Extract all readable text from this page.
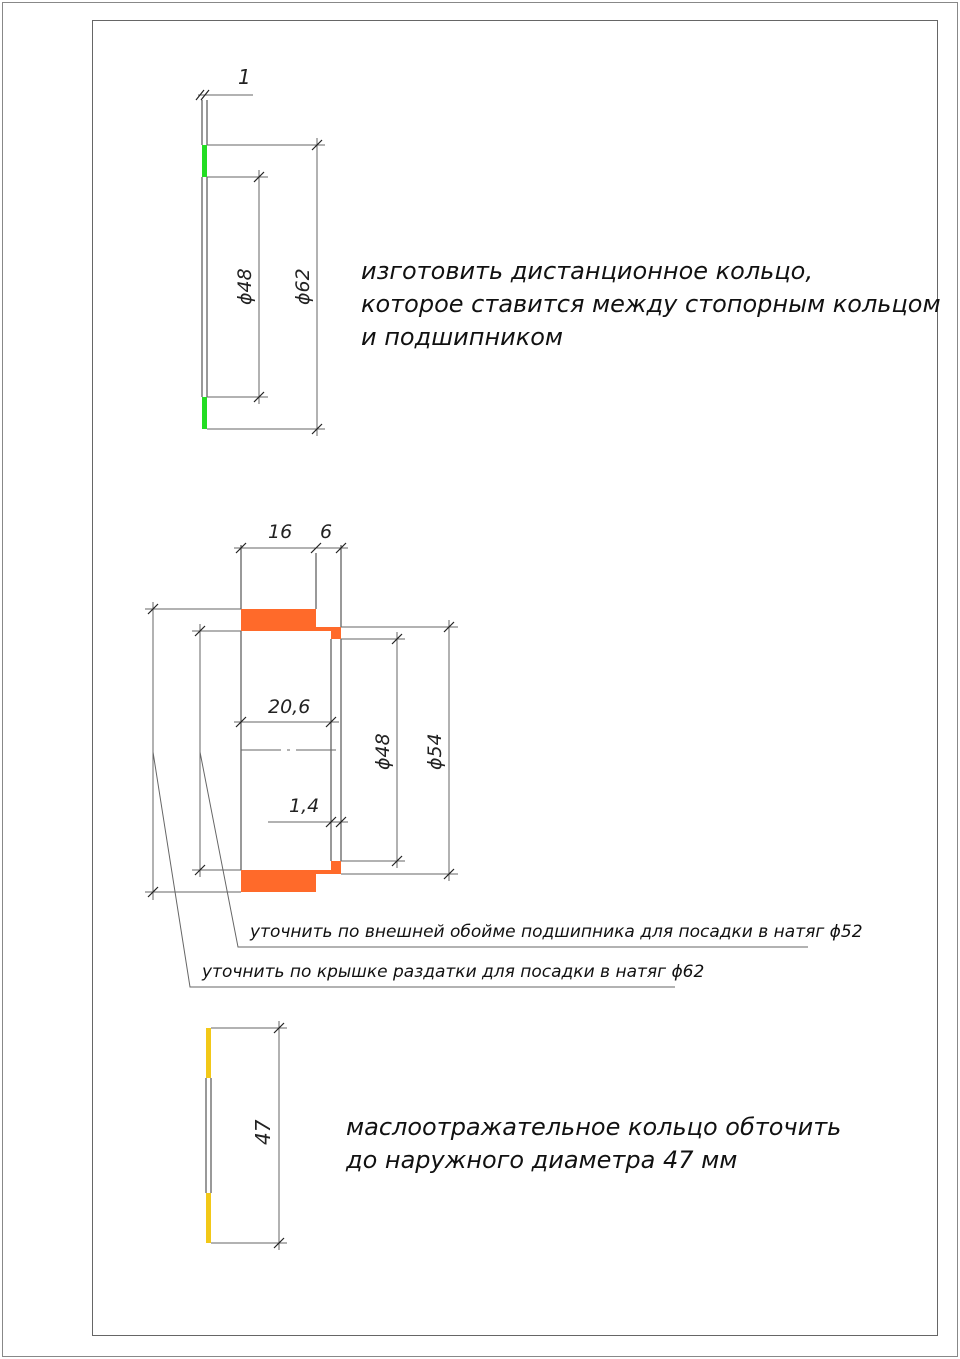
1
ϕ48 ϕ62 изготовить дистанционное кольцо,
которое ставится между стопорным кольцом
и подшипником
16 6
20,6
1,4
ϕ48 ϕ54
уточнить по внешней обойме подшипника для посадки в натяг ϕ52
уточнить по крышке раздатки для посадки в натяг ϕ62
47	маслоотражательное кольцо обточить
до наружного диаметра 47 мм
